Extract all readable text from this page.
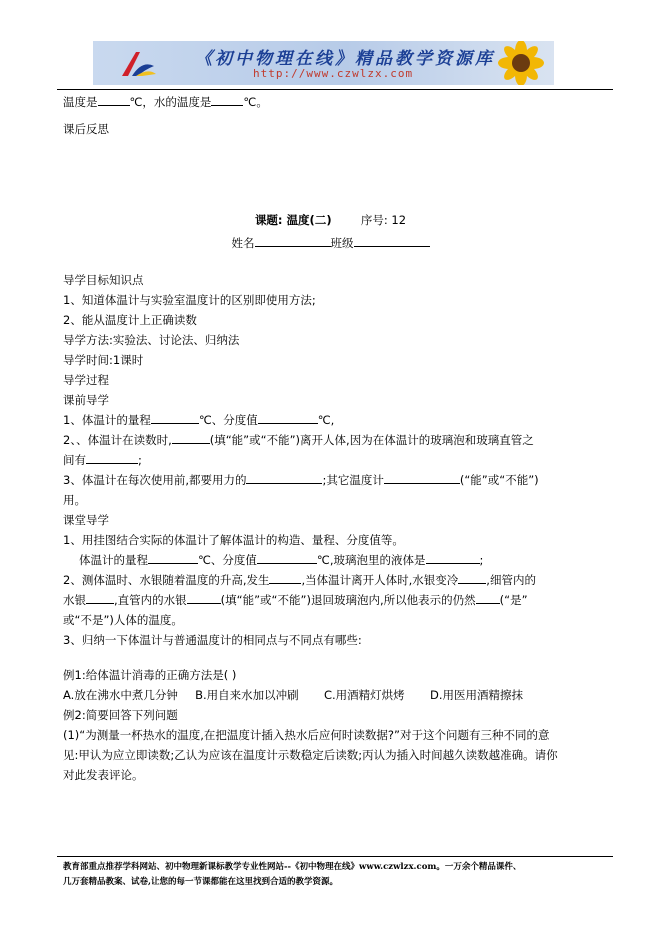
《初中物理在线》精品教学资源库
http://www.czwlzx.com
温度是	℃，水的温度是	℃。
课后反思
课题: 温度(二)	序号: 12
姓名	班级
导学目标知识点
1、知道体温计与实验室温度计的区别即使用方法;
2、能从温度计上正确读数
导学方法:实验法、讨论法、归纳法
导学时间:1课时
导学过程
课前导学
1、体温计的量程	℃、分度值	℃,
2、、体温计在读数时,	(填“能”或“不能”)离开人体,因为在体温计的玻璃泡和玻璃直管之
间有	;
3、体温计在每次使用前,都要用力的	;其它温度计	(“能”或“不能”)
用。
课堂导学
1、用挂图结合实际的体温计了解体温计的构造、量程、分度值等。
体温计的量程	℃、分度值	℃,玻璃泡里的液体是	;
2、测体温时、水银随着温度的升高,发生	,当体温计离开人体时,水银变冷 ,细管内的
水银 ,直管内的水银	(填“能”或“不能”)退回玻璃泡内,所以他表示的仍然 (“是”
或“不是”)人体的温度。
3、归纳一下体温计与普通温度计的相同点与不同点有哪些:
例1:给体温计消毒的正确方法是( )
A.放在沸水中煮几分钟 B.用自来水加以冲刷 C.用酒精灯烘烤 D.用医用酒精擦抹
例2:简要回答下列问题
(1)“为测量一杯热水的温度,在把温度计插入热水后应何时读数据?”对于这个问题有三种不同的意
见:甲认为应立即读数;乙认为应该在温度计示数稳定后读数;丙认为插入时间越久读数越准确。请你
对此发表评论。
教育部重点推荐学科网站、初中物理新课标教学专业性网站--《初中物理在线》www.czwlzx.com。一万余个精品课件、
几万套精品教案、试卷,让您的每一节课都能在这里找到合适的教学资源。
